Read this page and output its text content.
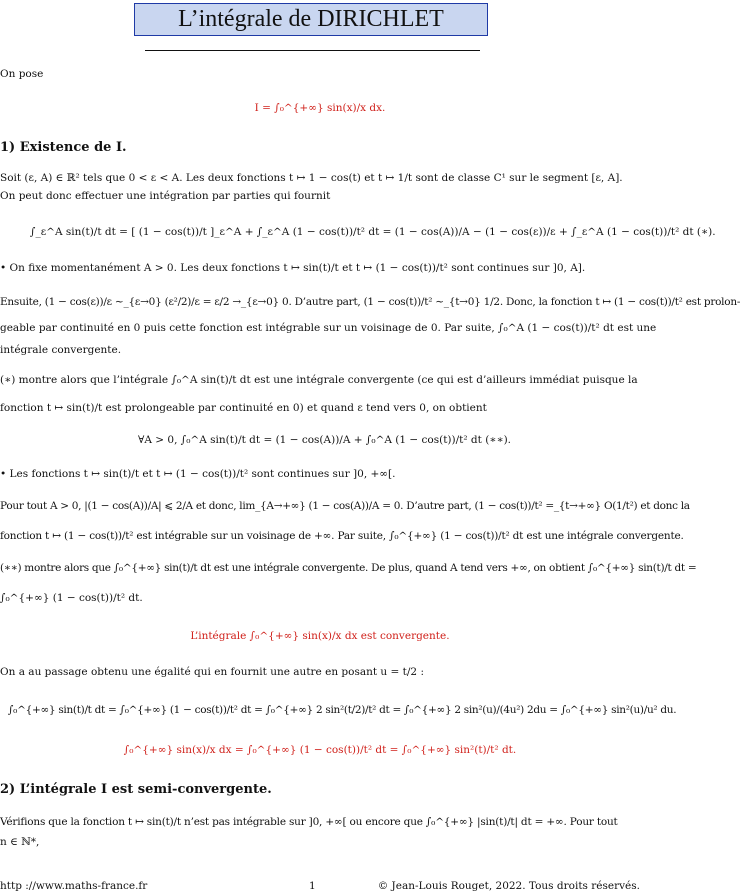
L’intégrale de DIRICHLET
On pose
I = ∫₀^{+∞} sin(x)/x dx.
1) Existence de I.
Soit (ε, A) ∈ ℝ² tels que 0 < ε < A. Les deux fonctions t ↦ 1 − cos(t) et t ↦ 1/t sont de classe C¹ sur le segment [ε, A].
On peut donc effectuer une intégration par parties qui fournit
∫_ε^A sin(t)/t dt = [ (1 − cos(t))/t ]_ε^A + ∫_ε^A (1 − cos(t))/t² dt = (1 − cos(A))/A − (1 − cos(ε))/ε + ∫_ε^A (1 − cos(t))/t² dt (∗).
• On fixe momentanément A > 0. Les deux fonctions t ↦ sin(t)/t et t ↦ (1 − cos(t))/t² sont continues sur ]0, A].
Ensuite, (1 − cos(ε))/ε ∼_{ε→0} (ε²/2)/ε = ε/2 →_{ε→0} 0. D’autre part, (1 − cos(t))/t² ∼_{t→0} 1/2. Donc, la fonction t ↦ (1 − cos(t))/t² est prolon-
geable par continuité en 0 puis cette fonction est intégrable sur un voisinage de 0. Par suite, ∫₀^A (1 − cos(t))/t² dt est une
intégrale convergente.
(∗) montre alors que l’intégrale ∫₀^A sin(t)/t dt est une intégrale convergente (ce qui est d’ailleurs immédiat puisque la
fonction t ↦ sin(t)/t est prolongeable par continuité en 0) et quand ε tend vers 0, on obtient
∀A > 0, ∫₀^A sin(t)/t dt = (1 − cos(A))/A + ∫₀^A (1 − cos(t))/t² dt (∗∗).
• Les fonctions t ↦ sin(t)/t et t ↦ (1 − cos(t))/t² sont continues sur ]0, +∞[.
Pour tout A > 0, |(1 − cos(A))/A| ⩽ 2/A et donc, lim_{A→+∞} (1 − cos(A))/A = 0. D’autre part, (1 − cos(t))/t² =_{t→+∞} O(1/t²) et donc la
fonction t ↦ (1 − cos(t))/t² est intégrable sur un voisinage de +∞. Par suite, ∫₀^{+∞} (1 − cos(t))/t² dt est une intégrale convergente.
(∗∗) montre alors que ∫₀^{+∞} sin(t)/t dt est une intégrale convergente. De plus, quand A tend vers +∞, on obtient ∫₀^{+∞} sin(t)/t dt =
∫₀^{+∞} (1 − cos(t))/t² dt.
L’intégrale ∫₀^{+∞} sin(x)/x dx est convergente.
On a au passage obtenu une égalité qui en fournit une autre en posant u = t/2 :
∫₀^{+∞} sin(t)/t dt = ∫₀^{+∞} (1 − cos(t))/t² dt = ∫₀^{+∞} 2 sin²(t/2)/t² dt = ∫₀^{+∞} 2 sin²(u)/(4u²) 2du = ∫₀^{+∞} sin²(u)/u² du.
∫₀^{+∞} sin(x)/x dx = ∫₀^{+∞} (1 − cos(t))/t² dt = ∫₀^{+∞} sin²(t)/t² dt.
2) L’intégrale I est semi-convergente.
Vérifions que la fonction t ↦ sin(t)/t n’est pas intégrable sur ]0, +∞[ ou encore que ∫₀^{+∞} |sin(t)/t| dt = +∞. Pour tout
n ∈ ℕ*,
http ://www.maths-france.fr	1	© Jean-Louis Rouget, 2022. Tous droits réservés.
